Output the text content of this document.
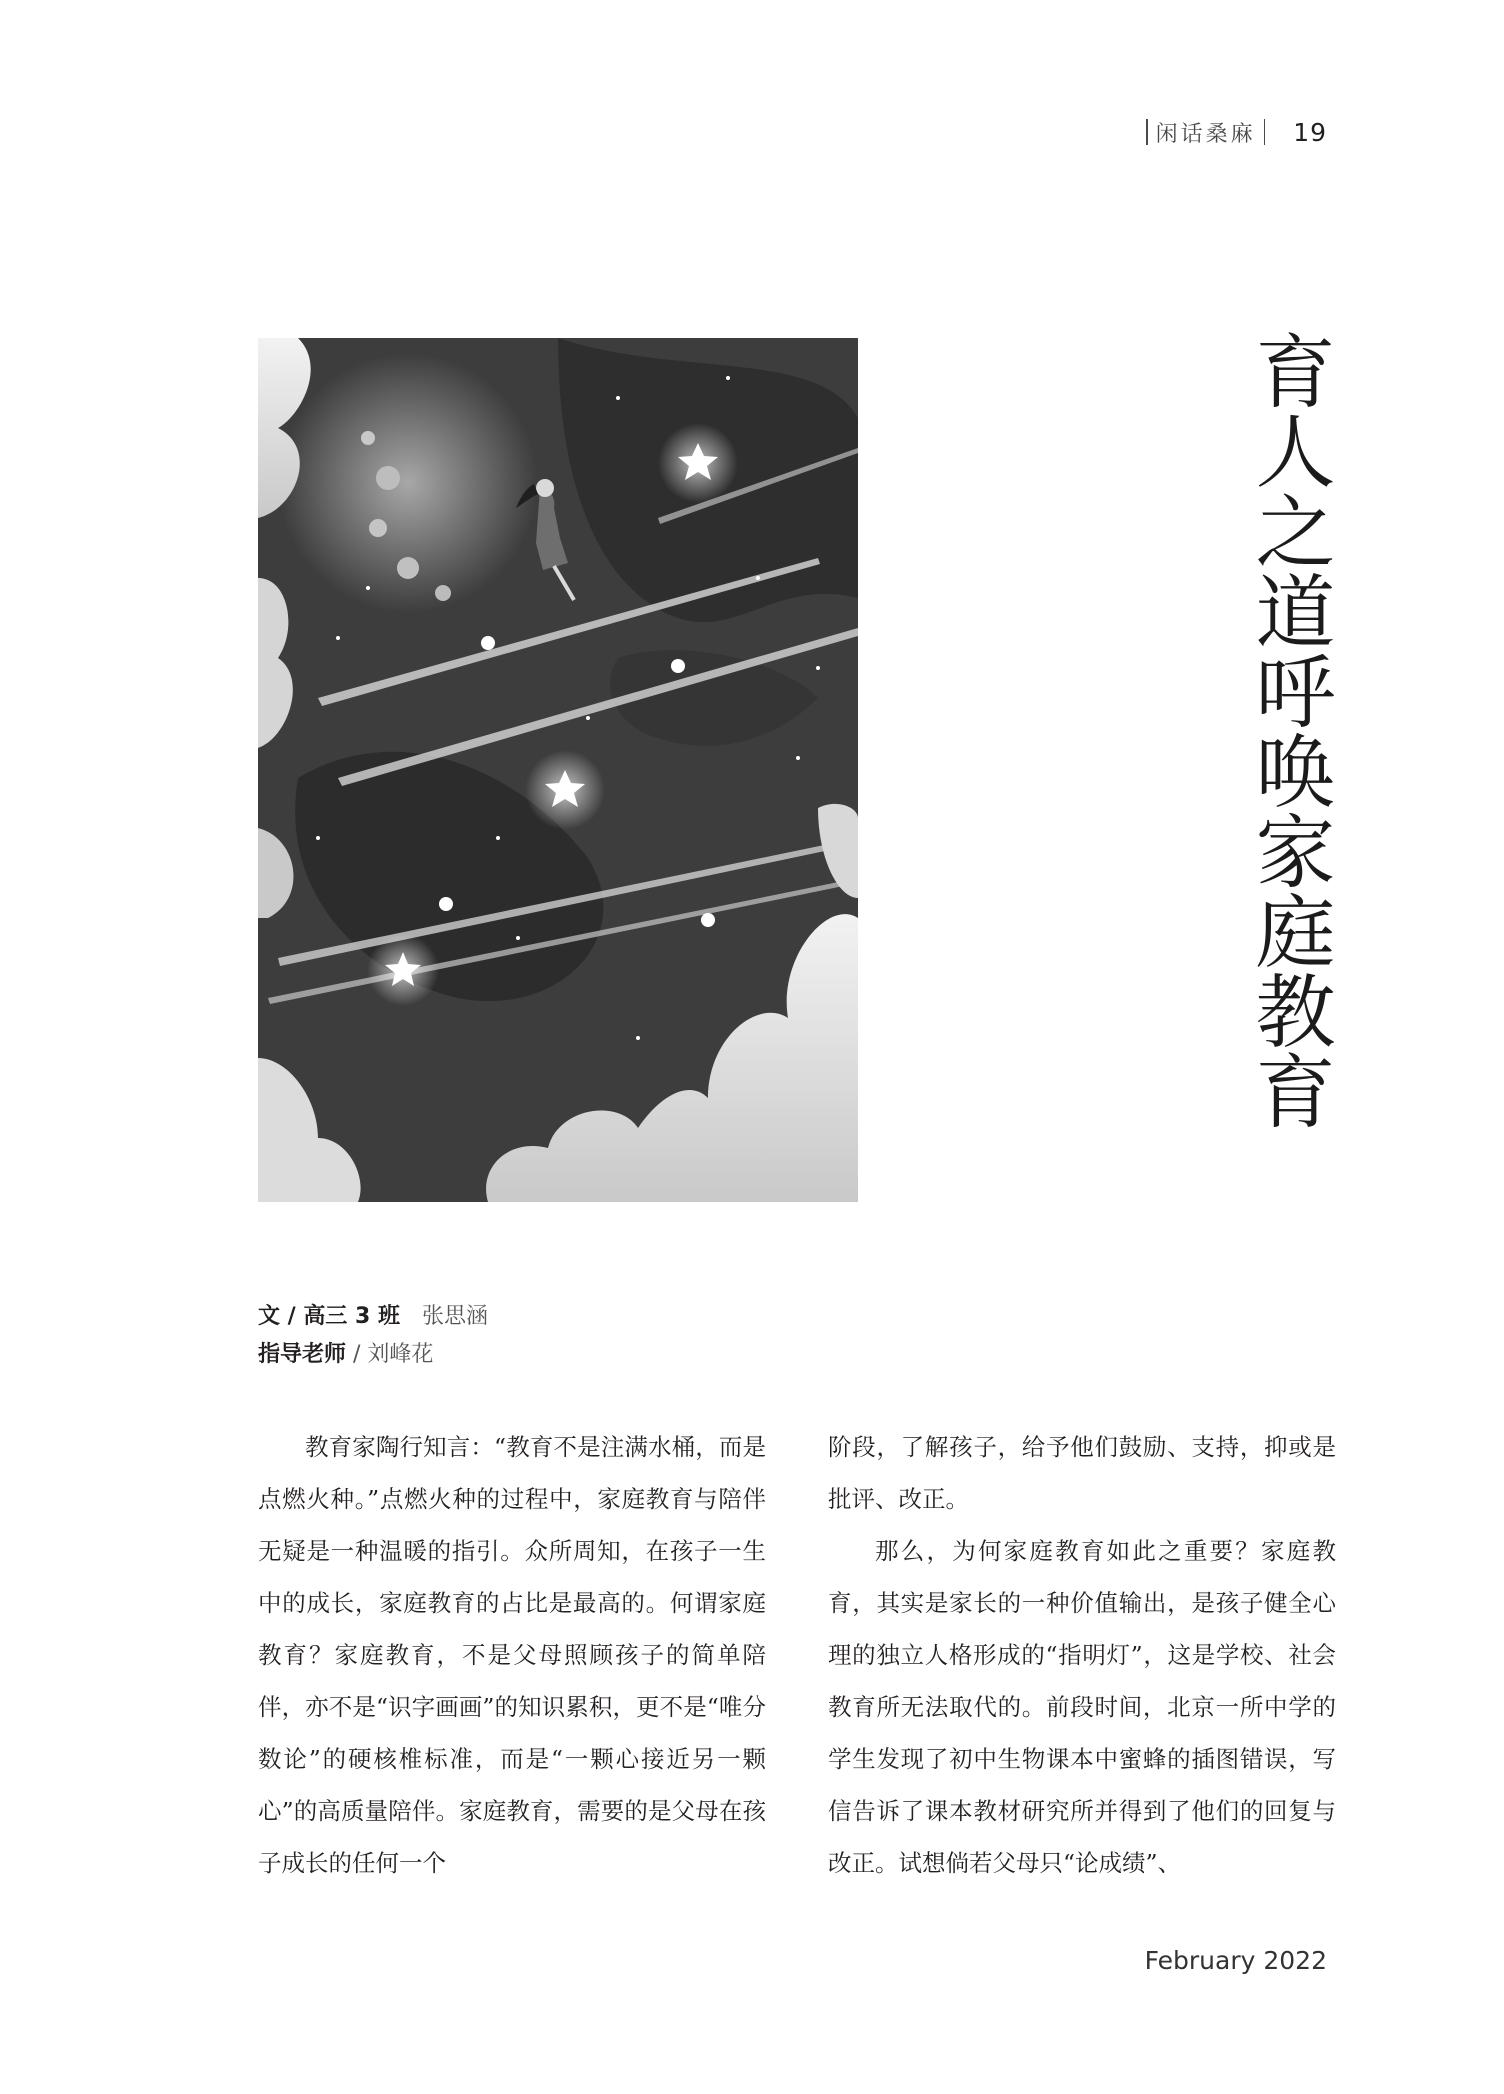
闲话桑麻 19
育人之道呼唤家庭教育
文 / 高三 3 班 张思涵
指导老师 / 刘峰花

教育家陶行知言：“教育不是注满水桶，而是点燃火种。”点燃火种的过程中，家庭教育与陪伴无疑是一种温暖的指引。众所周知，在孩子一生中的成长，家庭教育的占比是最高的。何谓家庭教育？家庭教育，不是父母照顾孩子的简单陪伴，亦不是“识字画画”的知识累积，更不是“唯分数论”的硬核椎标准，而是“一颗心接近另一颗心”的高质量陪伴。家庭教育，需要的是父母在孩子成长的任何一个

阶段，了解孩子，给予他们鼓励、支持，抑或是批评、改正。

那么，为何家庭教育如此之重要？家庭教育，其实是家长的一种价值输出，是孩子健全心理的独立人格形成的“指明灯”，这是学校、社会教育所无法取代的。前段时间，北京一所中学的学生发现了初中生物课本中蜜蜂的插图错误，写信告诉了课本教材研究所并得到了他们的回复与改正。试想倘若父母只“论成绩”、

February 2022
